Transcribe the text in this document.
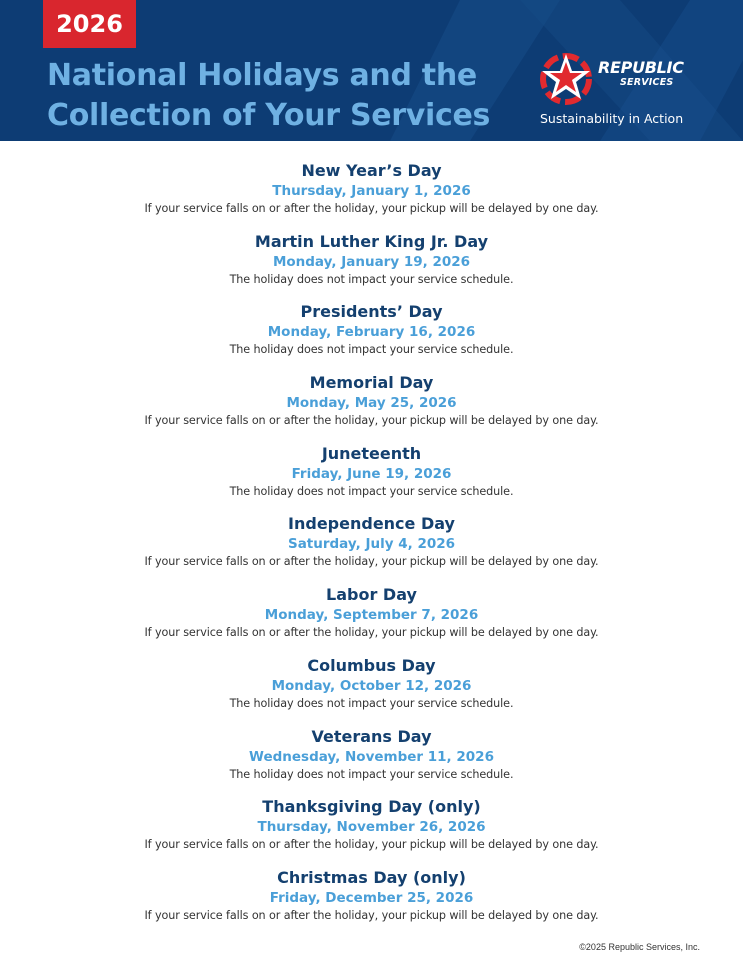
2026
National Holidays and the
Collection of Your Services
REPUBLIC
SERVICES
Sustainability in Action
New Year’s Day
Thursday, January 1, 2026
If your service falls on or after the holiday, your pickup will be delayed by one day.
Martin Luther King Jr. Day
Monday, January 19, 2026
The holiday does not impact your service schedule.
Presidents’ Day
Monday, February 16, 2026
The holiday does not impact your service schedule.
Memorial Day
Monday, May 25, 2026
If your service falls on or after the holiday, your pickup will be delayed by one day.
Juneteenth
Friday, June 19, 2026
The holiday does not impact your service schedule.
Independence Day
Saturday, July 4, 2026
If your service falls on or after the holiday, your pickup will be delayed by one day.
Labor Day
Monday, September 7, 2026
If your service falls on or after the holiday, your pickup will be delayed by one day.
Columbus Day
Monday, October 12, 2026
The holiday does not impact your service schedule.
Veterans Day
Wednesday, November 11, 2026
The holiday does not impact your service schedule.
Thanksgiving Day (only)
Thursday, November 26, 2026
If your service falls on or after the holiday, your pickup will be delayed by one day.
Christmas Day (only)
Friday, December 25, 2026
If your service falls on or after the holiday, your pickup will be delayed by one day.
©2025 Republic Services, Inc.
